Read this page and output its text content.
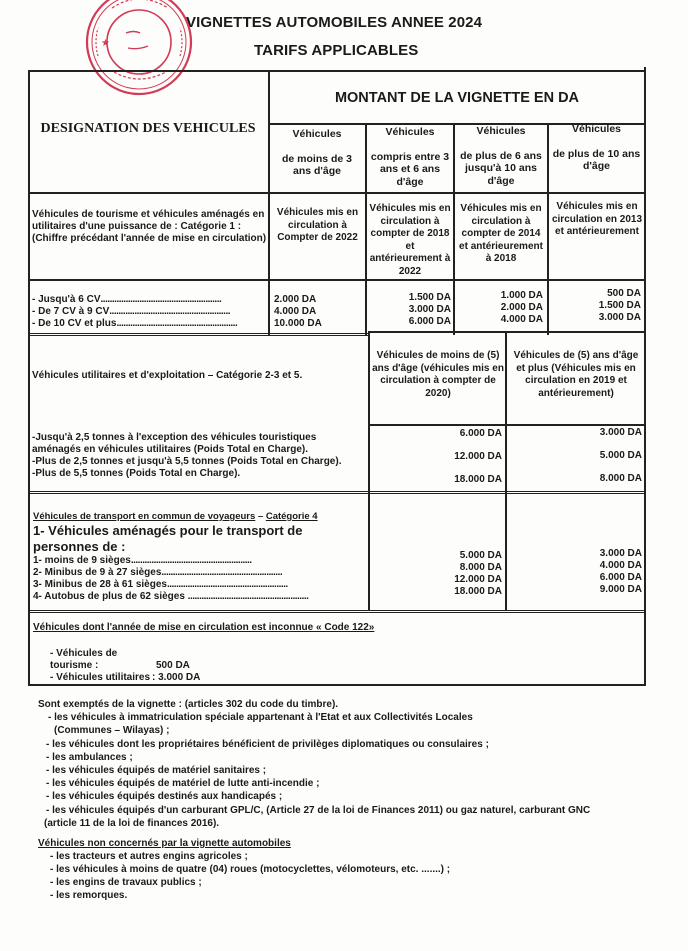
★
VIGNETTES AUTOMOBILES ANNEE 2024
TARIFS APPLICABLES
DESIGNATION DES VEHICULES
MONTANT DE LA VIGNETTE EN DA
Véhicules
de moins de 3 ans d'âge
Véhicules
compris entre 3 ans et 6 ans d'âge
Véhicules
de plus de 6 ans jusqu'à 10 ans d'âge
Véhicules
de plus de 10 ans d'âge
Véhicules de tourisme et véhicules aménagés en utilitaires d'une puissance de : Catégorie 1 : (Chiffre précédant l'année de mise en circulation)
Véhicules mis en circulation à Compter de 2022
Véhicules mis en circulation à compter de 2018 et antérieurement à 2022
Véhicules mis en circulation à compter de 2014 et antérieurement à 2018
Véhicules mis en circulation en 2013 et antérieurement
- Jusqu'à 6 CV .....................................................
- De 7 CV à 9 CV .....................................................
- De 10 CV et plus .....................................................
2.000 DA
4.000 DA
10.000 DA
1.500 DA
3.000 DA
6.000 DA
1.000 DA
2.000 DA
4.000 DA
500 DA
1.500 DA
3.000 DA
Véhicules utilitaires et d'exploitation – Catégorie 2-3 et 5.
Véhicules de moins de (5) ans d'âge (véhicules mis en circulation à compter de 2020)
Véhicules de (5) ans d'âge et plus (Véhicules mis en circulation en 2019 et antérieurement)
-Jusqu'à 2,5 tonnes à l'exception des véhicules touristiques aménagés en véhicules utilitaires (Poids Total en Charge).
-Plus de 2,5 tonnes et jusqu'à 5,5 tonnes (Poids Total en Charge).
-Plus de 5,5 tonnes (Poids Total en Charge).
6.000 DA
12.000 DA
18.000 DA
3.000 DA
5.000 DA
8.000 DA
Véhicules de transport en commun de voyageurs – Catégorie 4
1- Véhicules aménagés pour le transport de personnes de :
1- moins de 9 sièges .....................................................
2- Minibus de 9 à 27 sièges .....................................................
3- Minibus de 28 à 61 sièges .....................................................
4- Autobus de plus de 62 sièges
.....................................................
5.000 DA
8.000 DA
12.000 DA
18.000 DA
3.000 DA
4.000 DA
6.000 DA
9.000 DA
Véhicules dont l'année de mise en circulation est inconnue « Code 122»
- Véhicules de tourisme :	500 DA
- Véhicules utilitaires : 3.000 DA
Sont exemptés de la vignette : (articles 302 du code du timbre).
- les véhicules à immatriculation spéciale appartenant à l'Etat et aux Collectivités Locales
(Communes – Wilayas) ;
- les véhicules dont les propriétaires bénéficient de privilèges diplomatiques ou consulaires ;
- les ambulances ;
- les véhicules équipés de matériel sanitaires ;
- les véhicules équipés de matériel de lutte anti-incendie ;
- les véhicules équipés destinés aux handicapés ;
- les véhicules équipés d'un carburant GPL/C, (Article 27 de la loi de Finances 2011) ou gaz naturel, carburant GNC
(article 11 de la loi de finances 2016).
Véhicules non concernés par la vignette automobiles
- les tracteurs et autres engins agricoles ;
- les véhicules à moins de quatre (04) roues (motocyclettes, vélomoteurs, etc. .......) ;
- les engins de travaux publics ;
- les remorques.
